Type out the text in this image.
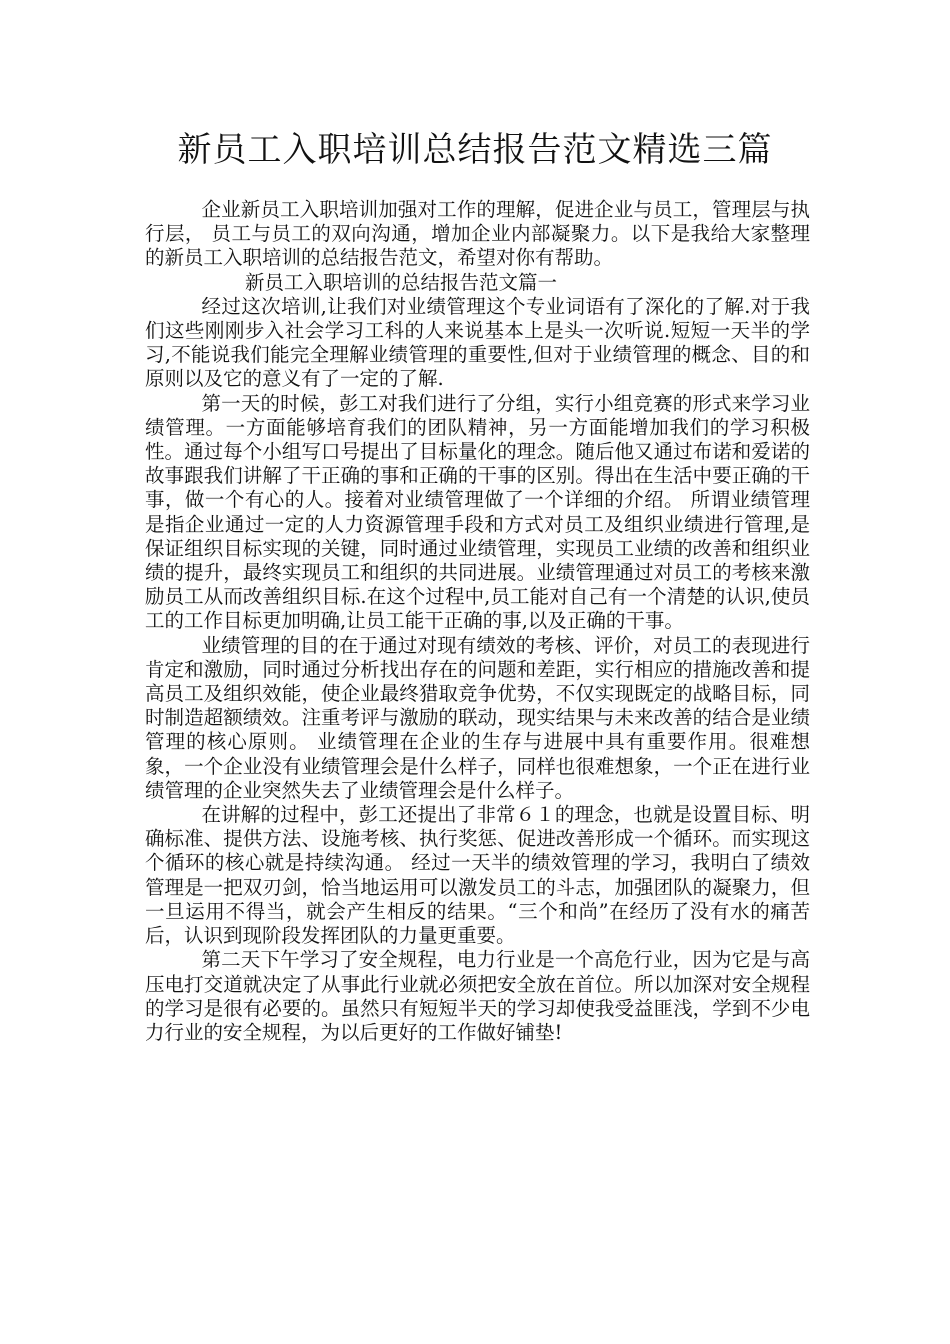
新员工入职培训总结报告范文精选三篇

企业新员工入职培训加强对工作的理解，促进企业与员工，管理层与执行层， 员工与员工的双向沟通，增加企业内部凝聚力。以下是我给大家整理的新员工入职培训的总结报告范文，希望对你有帮助。

新员工入职培训的总结报告范文篇一

经过这次培训,让我们对业绩管理这个专业词语有了深化的了解.对于我们这些刚刚步入社会学习工科的人来说基本上是头一次听说.短短一天半的学习,不能说我们能完全理解业绩管理的重要性,但对于业绩管理的概念、目的和原则以及它的意义有了一定的了解.

第一天的时候，彭工对我们进行了分组，实行小组竞赛的形式来学习业绩管理。一方面能够培育我们的团队精神，另一方面能增加我们的学习积极性。通过每个小组写口号提出了目标量化的理念。随后他又通过布诺和爱诺的故事跟我们讲解了干正确的事和正确的干事的区别。得出在生活中要正确的干事，做一个有心的人。接着对业绩管理做了一个详细的介绍。 所谓业绩管理是指企业通过一定的人力资源管理手段和方式对员工及组织业绩进行管理,是保证组织目标实现的关键，同时通过业绩管理，实现员工业绩的改善和组织业绩的提升，最终实现员工和组织的共同进展。业绩管理通过对员工的考核来激励员工从而改善组织目标.在这个过程中,员工能对自己有一个清楚的认识,使员工的工作目标更加明确,让员工能干正确的事,以及正确的干事。

业绩管理的目的在于通过对现有绩效的考核、评价，对员工的表现进行肯定和激励，同时通过分析找出存在的问题和差距，实行相应的措施改善和提高员工及组织效能，使企业最终猎取竞争优势，不仅实现既定的战略目标，同时制造超额绩效。注重考评与激励的联动，现实结果与未来改善的结合是业绩管理的核心原则。 业绩管理在企业的生存与进展中具有重要作用。很难想象，一个企业没有业绩管理会是什么样子，同样也很难想象，一个正在进行业绩管理的企业突然失去了业绩管理会是什么样子。

在讲解的过程中，彭工还提出了非常６１的理念，也就是设置目标、明确标准、提供方法、设施考核、执行奖惩、促进改善形成一个循环。而实现这个循环的核心就是持续沟通。 经过一天半的绩效管理的学习，我明白了绩效管理是一把双刃剑，恰当地运用可以激发员工的斗志，加强团队的凝聚力，但一旦运用不得当，就会产生相反的结果。“三个和尚”在经历了没有水的痛苦后，认识到现阶段发挥团队的力量更重要。

第二天下午学习了安全规程，电力行业是一个高危行业，因为它是与高压电打交道就决定了从事此行业就必须把安全放在首位。所以加深对安全规程的学习是很有必要的。虽然只有短短半天的学习却使我受益匪浅，学到不少电力行业的安全规程，为以后更好的工作做好铺垫!
